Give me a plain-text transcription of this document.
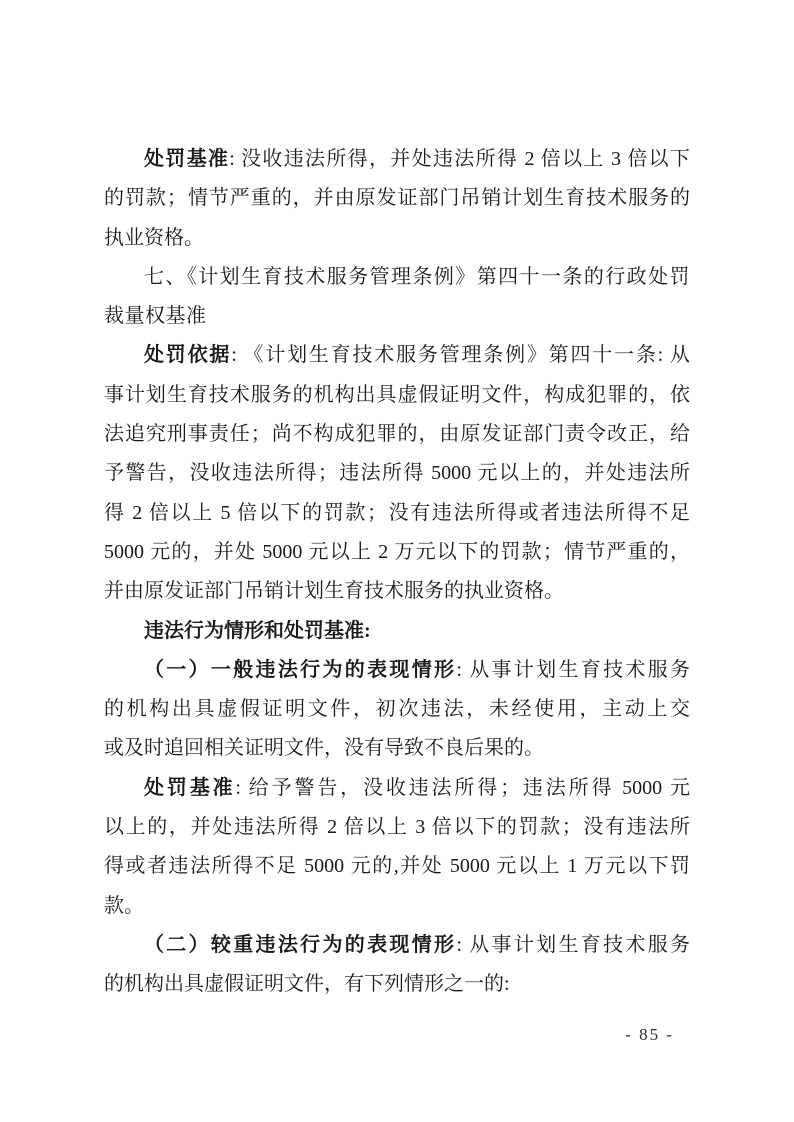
处罚基准: 没收违法所得，并处违法所得 2 倍以上 3 倍以下
的罚款；情节严重的，并由原发证部门吊销计划生育技术服务的
执业资格。
七、《计划生育技术服务管理条例》第四十一条的行政处罚
裁量权基准
处罚依据: 《计划生育技术服务管理条例》第四十一条: 从
事计划生育技术服务的机构出具虚假证明文件，构成犯罪的，依
法追究刑事责任；尚不构成犯罪的，由原发证部门责令改正，给
予警告，没收违法所得；违法所得 5000 元以上的，并处违法所
得 2 倍以上 5 倍以下的罚款；没有违法所得或者违法所得不足
5000 元的，并处 5000 元以上 2 万元以下的罚款；情节严重的，
并由原发证部门吊销计划生育技术服务的执业资格。
违法行为情形和处罚基准:
（一）一般违法行为的表现情形: 从事计划生育技术服务
的机构出具虚假证明文件，初次违法，未经使用，主动上交
或及时追回相关证明文件，没有导致不良后果的。
处罚基准: 给予警告，没收违法所得；违法所得 5000 元
以上的，并处违法所得 2 倍以上 3 倍以下的罚款；没有违法所
得或者违法所得不足 5000 元的,并处 5000 元以上 1 万元以下罚
款。
（二）较重违法行为的表现情形: 从事计划生育技术服务
的机构出具虚假证明文件，有下列情形之一的:
- 85 -
